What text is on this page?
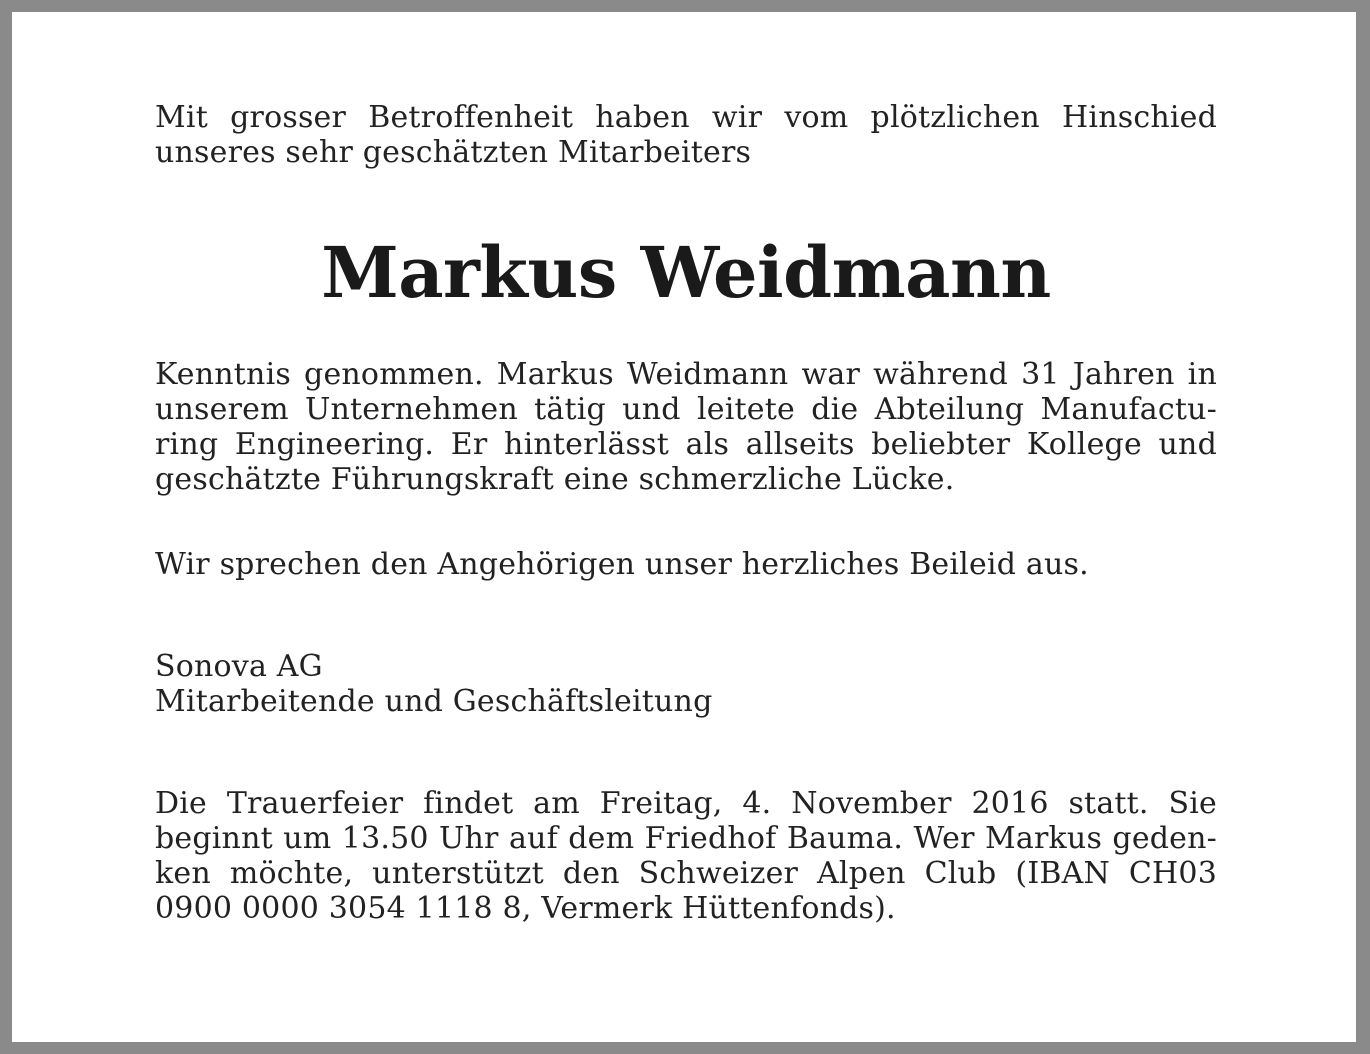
Mit grosser Betroffenheit haben wir vom plötzlichen Hinschied
unseres sehr geschätzten Mitarbeiters

Markus Weidmann

Kenntnis genommen. Markus Weidmann war während 31 Jahren in
unserem Unternehmen tätig und leitete die Abteilung Manufactu-
ring Engineering. Er hinterlässt als allseits beliebter Kollege und
geschätzte Führungskraft eine schmerzliche Lücke.

Wir sprechen den Angehörigen unser herzliches Beileid aus.

Sonova AG
Mitarbeitende und Geschäftsleitung

Die Trauerfeier findet am Freitag, 4. November 2016 statt. Sie
beginnt um 13.50 Uhr auf dem Friedhof Bauma. Wer Markus geden-
ken möchte, unterstützt den Schweizer Alpen Club (IBAN CH03
0900 0000 3054 1118 8, Vermerk Hüttenfonds).
